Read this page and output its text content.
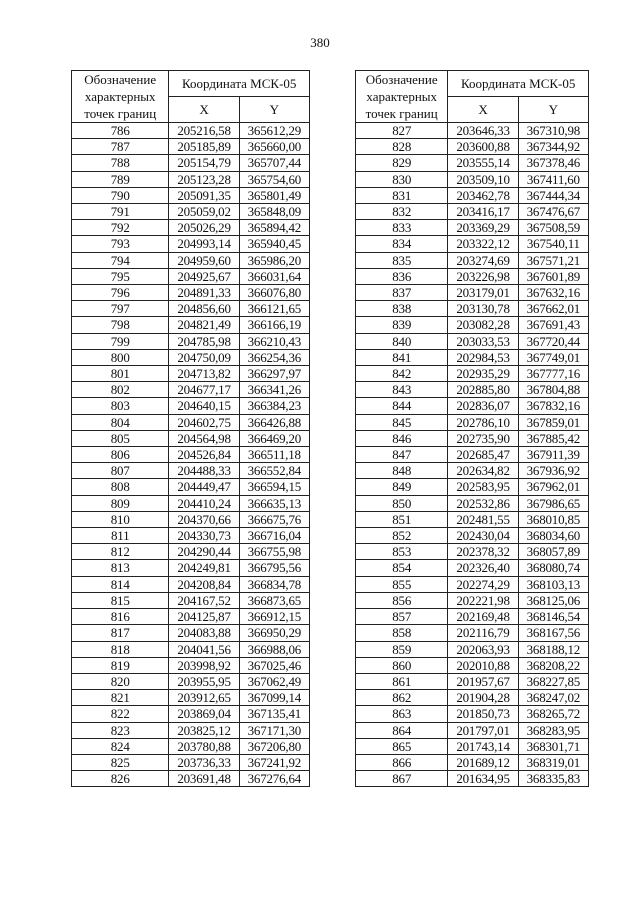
380
Обозначение характерных точек границ	Координата МСК-05	
	X	Y
786	205216,58	365612,29
787	205185,89	365660,00
788	205154,79	365707,44
789	205123,28	365754,60
790	205091,35	365801,49
791	205059,02	365848,09
792	205026,29	365894,42
793	204993,14	365940,45
794	204959,60	365986,20
795	204925,67	366031,64
796	204891,33	366076,80
797	204856,60	366121,65
798	204821,49	366166,19
799	204785,98	366210,43
800	204750,09	366254,36
801	204713,82	366297,97
802	204677,17	366341,26
803	204640,15	366384,23
804	204602,75	366426,88
805	204564,98	366469,20
806	204526,84	366511,18
807	204488,33	366552,84
808	204449,47	366594,15
809	204410,24	366635,13
810	204370,66	366675,76
811	204330,73	366716,04
812	204290,44	366755,98
813	204249,81	366795,56
814	204208,84	366834,78
815	204167,52	366873,65
816	204125,87	366912,15
817	204083,88	366950,29
818	204041,56	366988,06
819	203998,92	367025,46
820	203955,95	367062,49
821	203912,65	367099,14
822	203869,04	367135,41
823	203825,12	367171,30
824	203780,88	367206,80
825	203736,33	367241,92
826	203691,48	367276,64
Обозначение характерных точек границ	Координата МСК-05	
	X	Y
827	203646,33	367310,98
828	203600,88	367344,92
829	203555,14	367378,46
830	203509,10	367411,60
831	203462,78	367444,34
832	203416,17	367476,67
833	203369,29	367508,59
834	203322,12	367540,11
835	203274,69	367571,21
836	203226,98	367601,89
837	203179,01	367632,16
838	203130,78	367662,01
839	203082,28	367691,43
840	203033,53	367720,44
841	202984,53	367749,01
842	202935,29	367777,16
843	202885,80	367804,88
844	202836,07	367832,16
845	202786,10	367859,01
846	202735,90	367885,42
847	202685,47	367911,39
848	202634,82	367936,92
849	202583,95	367962,01
850	202532,86	367986,65
851	202481,55	368010,85
852	202430,04	368034,60
853	202378,32	368057,89
854	202326,40	368080,74
855	202274,29	368103,13
856	202221,98	368125,06
857	202169,48	368146,54
858	202116,79	368167,56
859	202063,93	368188,12
860	202010,88	368208,22
861	201957,67	368227,85
862	201904,28	368247,02
863	201850,73	368265,72
864	201797,01	368283,95
865	201743,14	368301,71
866	201689,12	368319,01
867	201634,95	368335,83
